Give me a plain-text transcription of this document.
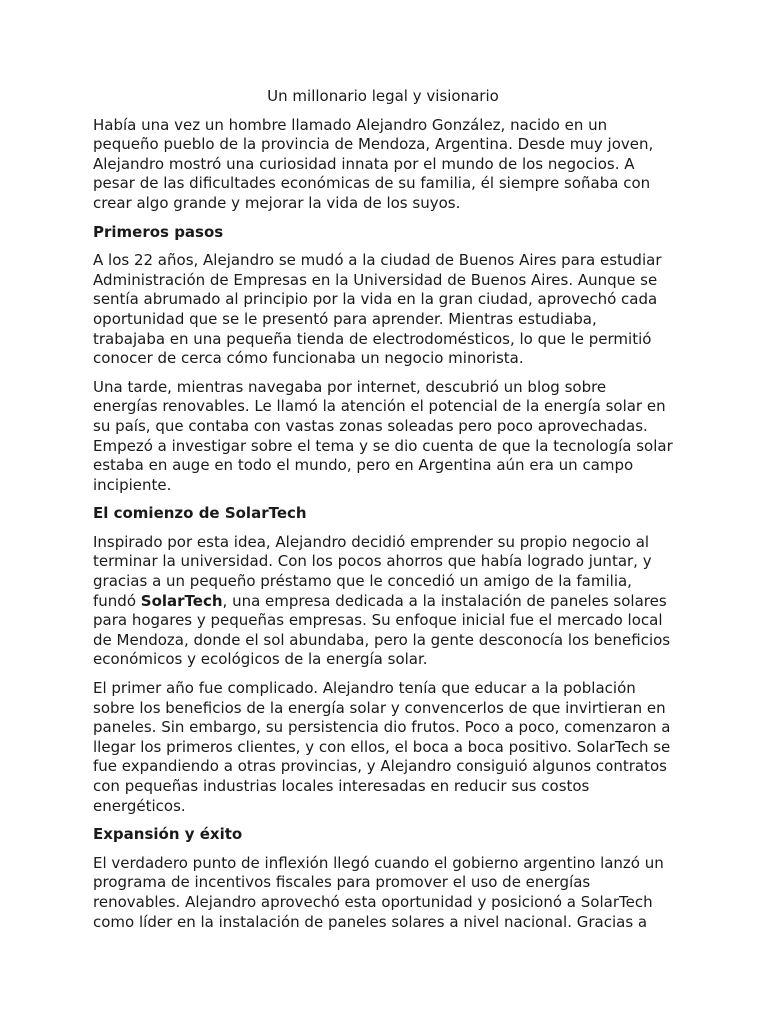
Un millonario legal y visionario

Había una vez un hombre llamado Alejandro González, nacido en un pequeño pueblo de la provincia de Mendoza, Argentina. Desde muy joven, Alejandro mostró una curiosidad innata por el mundo de los negocios. A pesar de las dificultades económicas de su familia, él siempre soñaba con crear algo grande y mejorar la vida de los suyos.

Primeros pasos

A los 22 años, Alejandro se mudó a la ciudad de Buenos Aires para estudiar Administración de Empresas en la Universidad de Buenos Aires. Aunque se sentía abrumado al principio por la vida en la gran ciudad, aprovechó cada oportunidad que se le presentó para aprender. Mientras estudiaba, trabajaba en una pequeña tienda de electrodomésticos, lo que le permitió conocer de cerca cómo funcionaba un negocio minorista.

Una tarde, mientras navegaba por internet, descubrió un blog sobre energías renovables. Le llamó la atención el potencial de la energía solar en su país, que contaba con vastas zonas soleadas pero poco aprovechadas. Empezó a investigar sobre el tema y se dio cuenta de que la tecnología solar estaba en auge en todo el mundo, pero en Argentina aún era un campo incipiente.

El comienzo de SolarTech

Inspirado por esta idea, Alejandro decidió emprender su propio negocio al terminar la universidad. Con los pocos ahorros que había logrado juntar, y gracias a un pequeño préstamo que le concedió un amigo de la familia, fundó SolarTech, una empresa dedicada a la instalación de paneles solares para hogares y pequeñas empresas. Su enfoque inicial fue el mercado local de Mendoza, donde el sol abundaba, pero la gente desconocía los beneficios económicos y ecológicos de la energía solar.

El primer año fue complicado. Alejandro tenía que educar a la población sobre los beneficios de la energía solar y convencerlos de que invirtieran en paneles. Sin embargo, su persistencia dio frutos. Poco a poco, comenzaron a llegar los primeros clientes, y con ellos, el boca a boca positivo. SolarTech se fue expandiendo a otras provincias, y Alejandro consiguió algunos contratos con pequeñas industrias locales interesadas en reducir sus costos energéticos.

Expansión y éxito

El verdadero punto de inflexión llegó cuando el gobierno argentino lanzó un programa de incentivos fiscales para promover el uso de energías renovables. Alejandro aprovechó esta oportunidad y posicionó a SolarTech como líder en la instalación de paneles solares a nivel nacional. Gracias a
